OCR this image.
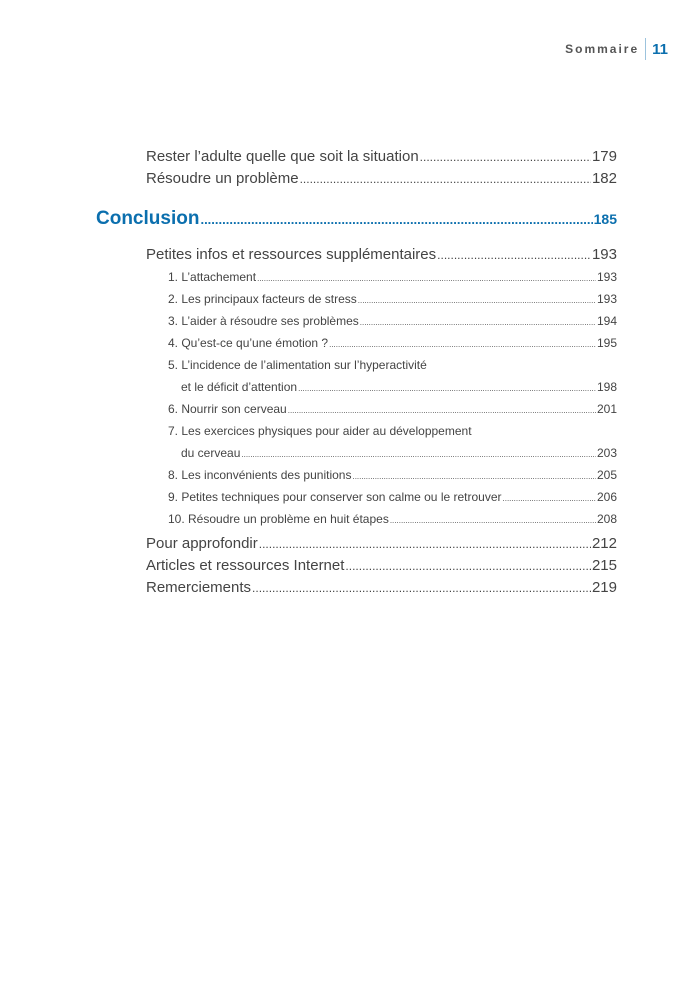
Sommaire 11
Rester l’adulte quelle que soit la situation .....	179
Résoudre un problème .....	182
Conclusion .....	185
Petites infos et ressources supplémentaires .....	193
1. L’attachement .....	193
2. Les principaux facteurs de stress .....	193
3. L’aider à résoudre ses problèmes .....	194
4. Qu’est-ce qu’une émotion ? .....	195
5. L’incidence de l’alimentation sur l’hyperactivité
et le déficit d’attention .....	198
6. Nourrir son cerveau .....	201
7. Les exercices physiques pour aider au développement
du cerveau .....	203
8. Les inconvénients des punitions .....	205
9. Petites techniques pour conserver son calme ou le retrouver .....	206
10. Résoudre un problème en huit étapes .....	208
Pour approfondir .....	212
Articles et ressources Internet .....	215
Remerciements .....	219
